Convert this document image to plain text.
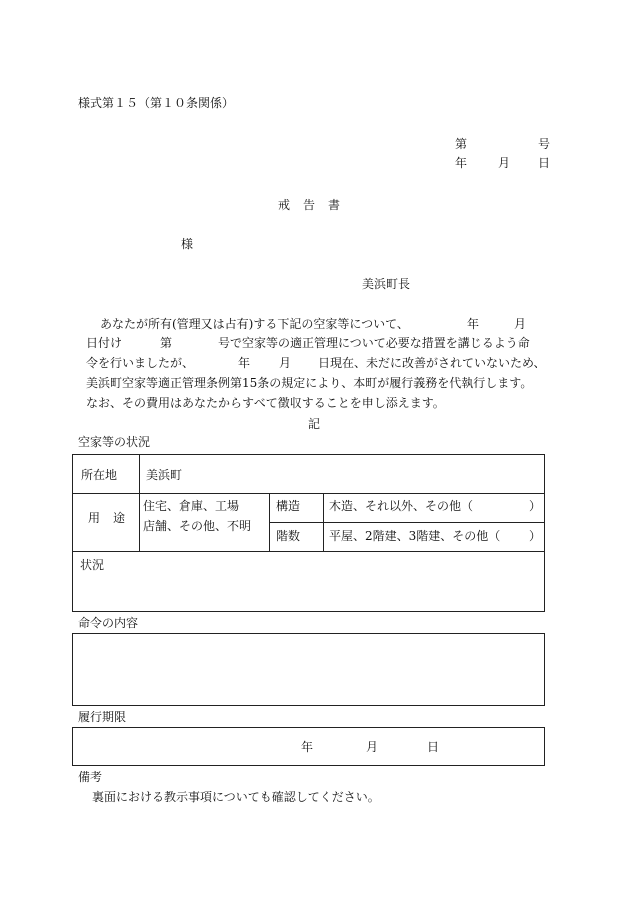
様式第１５（第１０条関係）
第	号
年	月 日
戒告書
様
美浜町長
あなたが所有(管理又は占有)する下記の空家等について、	年	月
日付け	第	号で空家等の適正管理について必要な措置を講じるよう命
令を行いましたが、	年 月 日現在、未だに改善がされていないため、
美浜町空家等適正管理条例第15条の規定により、本町が履行義務を代執行します。
なお、その費用はあなたからすべて徴収することを申し添えます。
記
空家等の状況
所在地 美浜町
用途
住宅、倉庫、工場
店舗、その他、不明
構造 木造、それ以外、その他（	）
階数 平屋、2階建、3階建、その他（ ）
状況
命令の内容
履行期限
年	月	日
備考
裏面における教示事項についても確認してください。
